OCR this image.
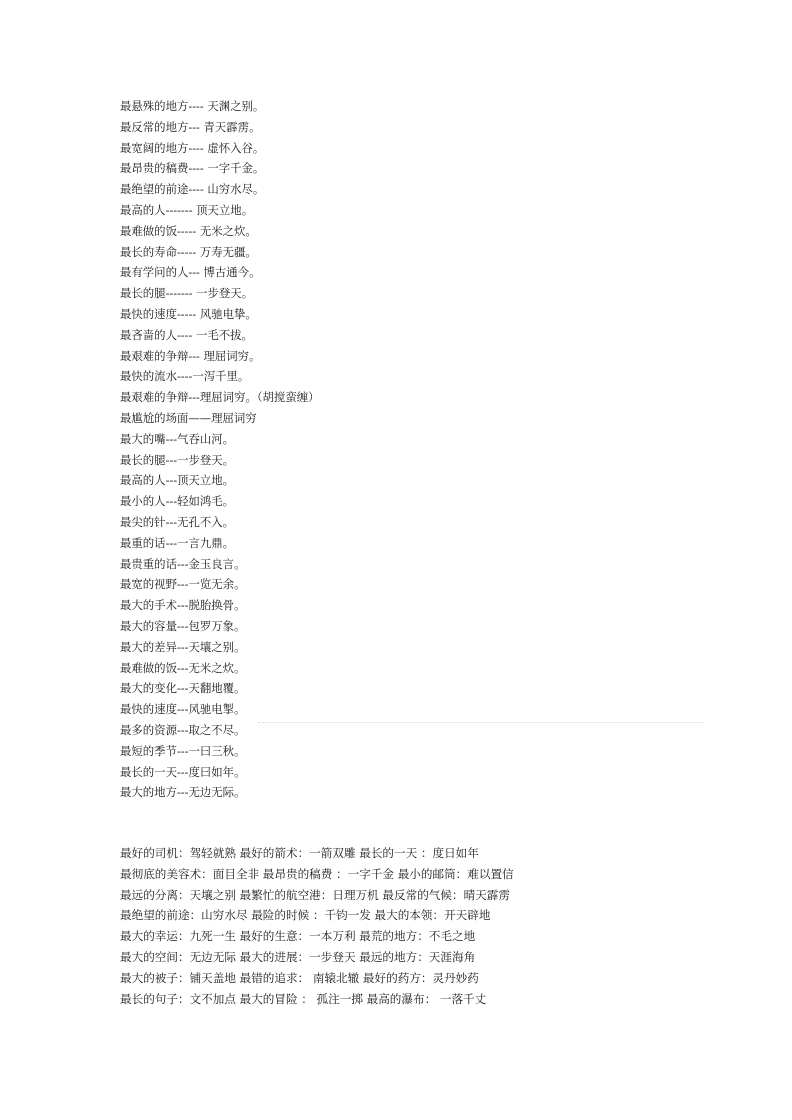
最悬殊的地方---- 天渊之别。
最反常的地方--- 青天霹雳。
最宽阔的地方---- 虚怀入谷。
最昂贵的稿费---- 一字千金。
最绝望的前途---- 山穷水尽。
最高的人------- 顶天立地。
最难做的饭----- 无米之炊。
最长的寿命----- 万寿无疆。
最有学问的人--- 博古通今。
最长的腿------- 一步登天。
最快的速度----- 风驰电挚。
最吝啬的人---- 一毛不拔。
最艰难的争辩--- 理屈词穷。
最快的流水----一泻千里。
最艰难的争辩---理屈词穷。（胡搅蛮缠）
最尴尬的场面——理屈词穷
最大的嘴---气吞山河。
最长的腿---一步登天。
最高的人---顶天立地。
最小的人---轻如鸿毛。
最尖的针---无孔不入。
最重的话---一言九鼎。
最贵重的话---金玉良言。
最宽的视野---一览无余。
最大的手术---脱胎换骨。
最大的容量---包罗万象。
最大的差异---天壤之别。
最难做的饭---无米之炊。
最大的变化---天翻地覆。
最快的速度---风驰电掣。
最多的资源---取之不尽。
最短的季节---一曰三秋。
最长的一天---度曰如年。
最大的地方---无边无际。
最好的司机：驾轻就熟 最好的箭术：一箭双雕 最长的一天 ：度日如年
最彻底的美容术：面目全非 最昂贵的稿费 ：一字千金 最小的邮筒：难以置信
最远的分离：天壤之别 最繁忙的航空港：日理万机 最反常的气候：晴天霹雳
最绝望的前途：山穷水尽 最险的时候 ：千钧一发 最大的本领：开天辟地
最大的幸运：九死一生 最好的生意：一本万利 最荒的地方：不毛之地
最大的空间：无边无际 最大的进展：一步登天 最远的地方：天涯海角
最大的被子：铺天盖地 最错的追求： 南辕北辙 最好的药方：灵丹妙药
最长的句子：文不加点 最大的冒险 ： 孤注一掷 最高的瀑布： 一落千丈
